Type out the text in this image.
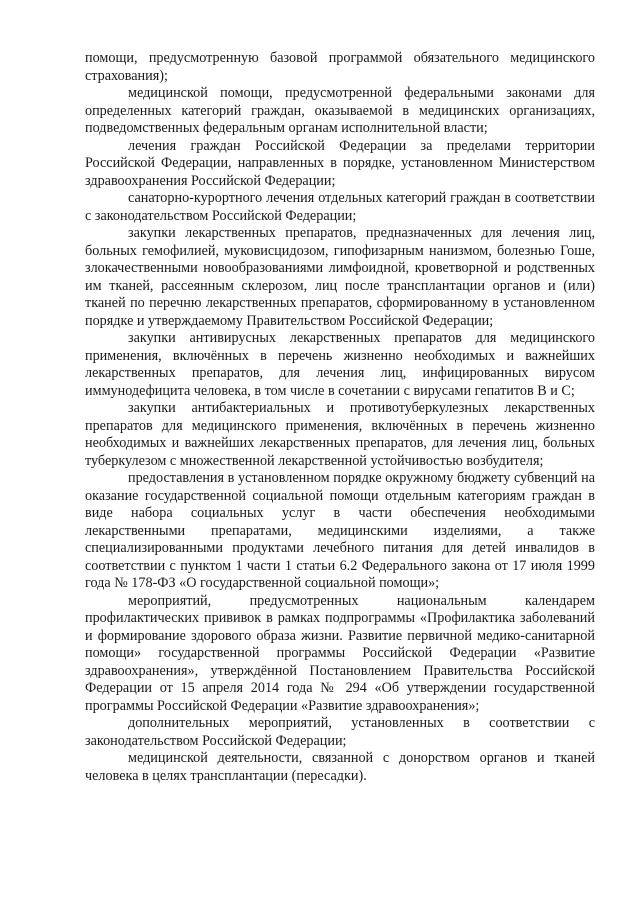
помощи, предусмотренную базовой программой обязательного медицинского страхования);

медицинской помощи, предусмотренной федеральными законами для определенных категорий граждан, оказываемой в медицинских организациях, подведомственных федеральным органам исполнительной власти;

лечения граждан Российской Федерации за пределами территории Российской Федерации, направленных в порядке, установленном Министерством здравоохранения Российской Федерации;

санаторно-курортного лечения отдельных категорий граждан в соответствии с законодательством Российской Федерации;

закупки лекарственных препаратов, предназначенных для лечения лиц, больных гемофилией, муковисцидозом, гипофизарным нанизмом, болезнью Гоше, злокачественными новообразованиями лимфоидной, кроветворной и родственных им тканей, рассеянным склерозом, лиц после трансплантации органов и (или) тканей по перечню лекарственных препаратов, сформированному в установленном порядке и утверждаемому Правительством Российской Федерации;

закупки антивирусных лекарственных препаратов для медицинского применения, включённых в перечень жизненно необходимых и важнейших лекарственных препаратов, для лечения лиц, инфицированных вирусом иммунодефицита человека, в том числе в сочетании с вирусами гепатитов B и C;

закупки антибактериальных и противотуберкулезных лекарственных препаратов для медицинского применения, включённых в перечень жизненно необходимых и важнейших лекарственных препаратов, для лечения лиц, больных туберкулезом с множественной лекарственной устойчивостью возбудителя;

предоставления в установленном порядке окружному бюджету субвенций на оказание государственной социальной помощи отдельным категориям граждан в виде набора социальных услуг в части обеспечения необходимыми лекарственными препаратами, медицинскими изделиями, а также специализированными продуктами лечебного питания для детей инвалидов в соответствии с пунктом 1 части 1 статьи 6.2 Федерального закона от 17 июля 1999 года № 178-ФЗ «О государственной социальной помощи»;

мероприятий, предусмотренных национальным календарем профилактических прививок в рамках подпрограммы «Профилактика заболеваний и формирование здорового образа жизни. Развитие первичной медико-санитарной помощи» государственной программы Российской Федерации «Развитие здравоохранения», утверждённой Постановлением Правительства Российской Федерации от 15 апреля 2014 года № 294 «Об утверждении государственной программы Российской Федерации «Развитие здравоохранения»;

дополнительных мероприятий, установленных в соответствии с законодательством Российской Федерации;

медицинской деятельности, связанной с донорством органов и тканей человека в целях трансплантации (пересадки).
